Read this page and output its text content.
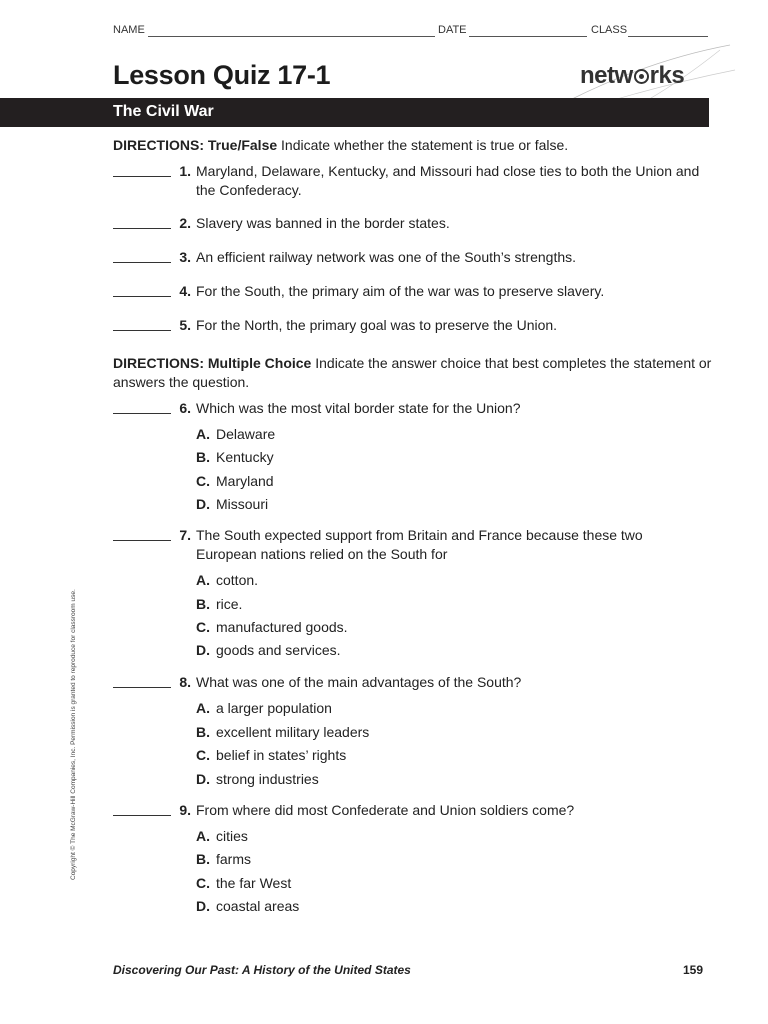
NAME	DATE	CLASS
Lesson Quiz 17-1	netw rks
The Civil War
DIRECTIONS: True/False Indicate whether the statement is true or false.
1. Maryland, Delaware, Kentucky, and Missouri had close ties to both the Union and the Confederacy.
2. Slavery was banned in the border states.
3. An efficient railway network was one of the South’s strengths.
4. For the South, the primary aim of the war was to preserve slavery.
5. For the North, the primary goal was to preserve the Union.
DIRECTIONS: Multiple Choice Indicate the answer choice that best completes the statement or answers the question.
6. Which was the most vital border state for the Union?
A. Delaware
B. Kentucky
C. Maryland
D. Missouri
7. The South expected support from Britain and France because these two European nations relied on the South for
A. cotton.
B. rice.
C. manufactured goods.
D. goods and services.
8. What was one of the main advantages of the South?
A. a larger population
B. excellent military leaders
C. belief in states’ rights
D. strong industries
9. From where did most Confederate and Union soldiers come?
A. cities
B. farms
C. the far West
D. coastal areas
Copyright © The McGraw-Hill Companies, Inc. Permission is granted to reproduce for classroom use.
Discovering Our Past: A History of the United States	159
